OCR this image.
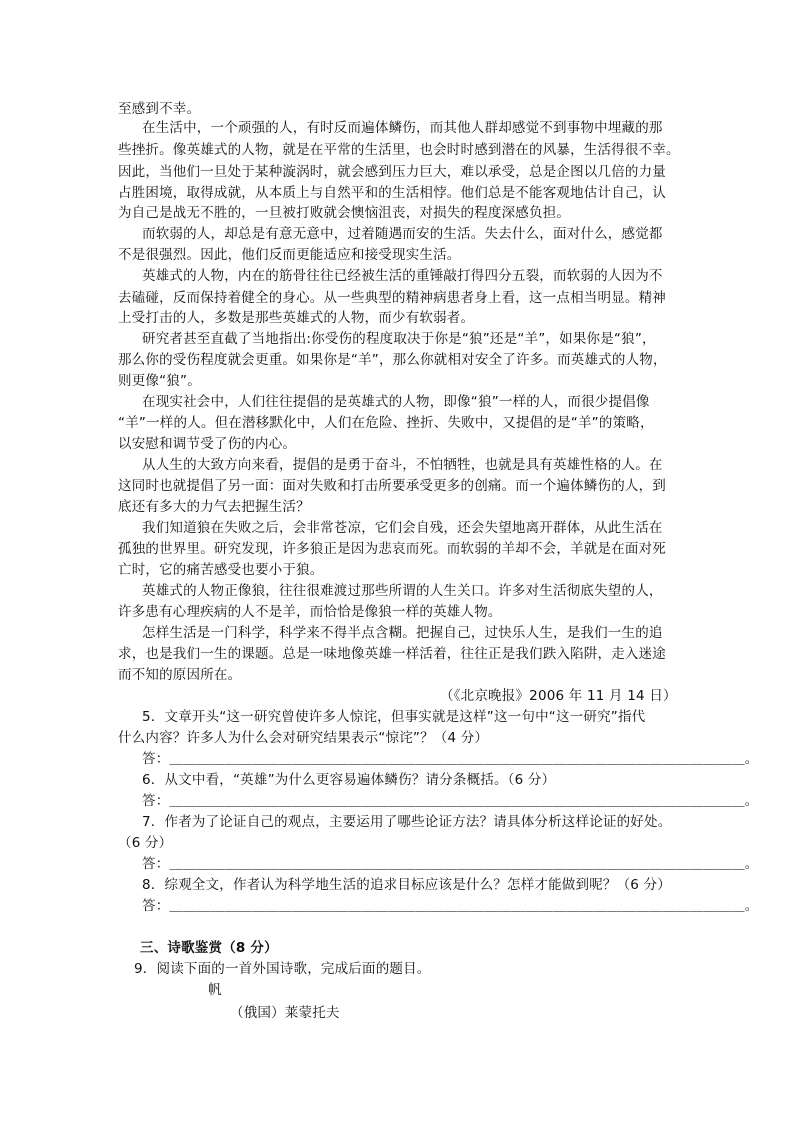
至感到不幸。
在生活中，一个顽强的人，有时反而遍体鳞伤，而其他人群却感觉不到事物中埋藏的那
些挫折。像英雄式的人物，就是在平常的生活里，也会时时感到潜在的风暴，生活得很不幸。
因此，当他们一旦处于某种漩涡时，就会感到压力巨大，难以承受，总是企图以几倍的力量
占胜困境，取得成就，从本质上与自然平和的生活相悖。他们总是不能客观地估计自己，认
为自己是战无不胜的，一旦被打败就会懊恼沮丧，对损失的程度深感负担。
而软弱的人，却总是有意无意中，过着随遇而安的生活。失去什么，面对什么，感觉都
不是很强烈。因此，他们反而更能适应和接受现实生活。
英雄式的人物，内在的筋骨往往已经被生活的重锤敲打得四分五裂，而软弱的人因为不
去磕碰，反而保持着健全的身心。从一些典型的精神病患者身上看，这一点相当明显。精神
上受打击的人，多数是那些英雄式的人物，而少有软弱者。
研究者甚至直截了当地指出:你受伤的程度取决于你是“狼”还是“羊”，如果你是“狼”，
那么你的受伤程度就会更重。如果你是“羊”，那么你就相对安全了许多。而英雄式的人物，
则更像“狼”。
在现实社会中，人们往往提倡的是英雄式的人物，即像“狼”一样的人，而很少提倡像
“羊”一样的人。但在潜移默化中，人们在危险、挫折、失败中，又提倡的是“羊”的策略，
以安慰和调节受了伤的内心。
从人生的大致方向来看，提倡的是勇于奋斗，不怕牺牲，也就是具有英雄性格的人。在
这同时也就提倡了另一面：面对失败和打击所要承受更多的创痛。而一个遍体鳞伤的人，到
底还有多大的力气去把握生活？
我们知道狼在失败之后，会非常苍凉，它们会自残，还会失望地离开群体，从此生活在
孤独的世界里。研究发现，许多狼正是因为悲哀而死。而软弱的羊却不会，羊就是在面对死
亡时，它的痛苦感受也要小于狼。
英雄式的人物正像狼，往往很难渡过那些所谓的人生关口。许多对生活彻底失望的人，
许多患有心理疾病的人不是羊，而恰恰是像狼一样的英雄人物。
怎样生活是一门科学，科学来不得半点含糊。把握自己，过快乐人生，是我们一生的追
求，也是我们一生的课题。总是一味地像英雄一样活着，往往正是我们跌入陷阱，走入迷途
而不知的原因所在。
（《北京晚报》2006 年 11 月 14 日）
5．文章开头“这一研究曾使许多人惊诧，但事实就是这样”这一句中“这一研究”指代
什么内容？许多人为什么会对研究结果表示“惊诧”？（4 分）
答：＿＿＿＿＿＿＿＿＿＿＿＿＿＿＿＿＿＿＿＿＿＿＿＿＿＿＿＿＿＿＿＿＿＿＿＿＿＿＿＿＿＿。
6．从文中看，“英雄”为什么更容易遍体鳞伤？请分条概括。（6 分）
答：＿＿＿＿＿＿＿＿＿＿＿＿＿＿＿＿＿＿＿＿＿＿＿＿＿＿＿＿＿＿＿＿＿＿＿＿＿＿＿＿＿＿。
7．作者为了论证自己的观点，主要运用了哪些论证方法？请具体分析这样论证的好处。
（6 分）
答：＿＿＿＿＿＿＿＿＿＿＿＿＿＿＿＿＿＿＿＿＿＿＿＿＿＿＿＿＿＿＿＿＿＿＿＿＿＿＿＿＿＿。
8．综观全文，作者认为科学地生活的追求目标应该是什么？怎样才能做到呢？（6 分）
答：＿＿＿＿＿＿＿＿＿＿＿＿＿＿＿＿＿＿＿＿＿＿＿＿＿＿＿＿＿＿＿＿＿＿＿＿＿＿＿＿＿＿。
三、诗歌鉴赏（8 分）
9．阅读下面的一首外国诗歌，完成后面的题目。
帆
（俄国）莱蒙托夫
